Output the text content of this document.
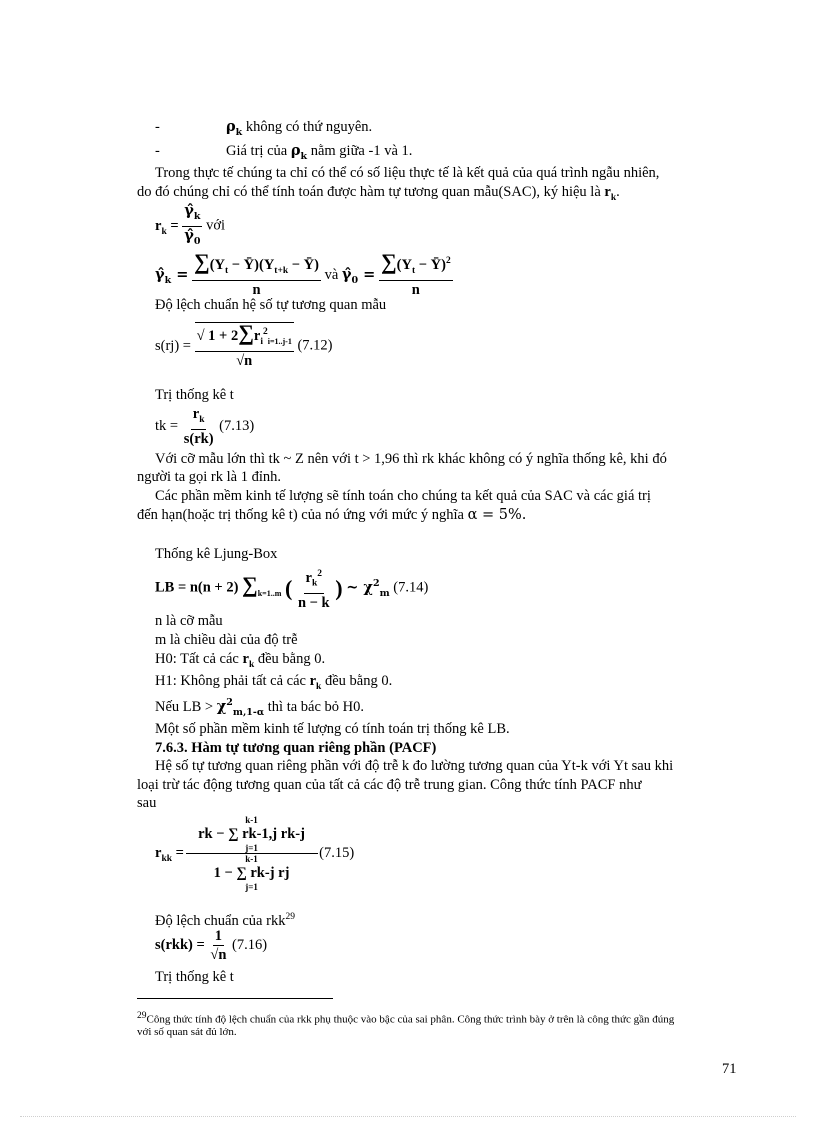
-	$\rho_k$ không có thứ nguyên.
-	Giá trị của $\rho_k$ nằm giữa -1 và 1.
Trong thực tế chúng ta chỉ có thể có số liệu thực tế là kết quả của quá trình ngẫu nhiên,
do đó chúng chỉ có thể tính toán được hàm tự tương quan mẫu(SAC), ký hiệu là $r_k$.
$r_k = \frac{\gammâ_k}{\gammâ_0}$ với
$\gammâ_k = \frac{\sum(Y_t - Ȳ)(Y_{t+k} - Ȳ)}{n}$ và $\gammâ_0 = \frac{\sum(Y_t - Ȳ)^2}{n}$
Độ lệch chuẩn hệ số tự tương quan mẫu
$s(rj) = \frac{√ 1 + 2\sum r_i^2_{i=1..j-1}}{√n} (7.12)$
Trị thống kê t
tk = $\frac{r_k}{s(rk)} (7.13)$
Với cỡ mẫu lớn thì tk ~ Z nên với t > 1,96 thì rk khác không có ý nghĩa thống kê, khi đó
người ta gọi rk là 1 đỉnh.
Các phần mềm kinh tế lượng sẽ tính toán cho chúng ta kết quả của SAC và các giá trị
đến hạn(hoặc trị thống kê t) của nó ứng với mức ý nghĩa α = 5%.
Thống kê Ljung-Box
LB = n(n + 2) $\sum_{k=1..m}$ ( $\frac{r_k^2}{n - k}$ ) ~ $\chi^2_m$ (7.14)
n là cỡ mẫu
m là chiều dài của độ trễ
H0: Tất cả các $r_k$ đều bằng 0.
H1: Không phải tất cả các $r_k$ đều bằng 0.
Nếu LB > $\chi^2_{m,1-\alpha}$ thì ta bác bỏ H0.
Một số phần mềm kinh tế lượng có tính toán trị thống kê LB.
7.6.3. Hàm tự tương quan riêng phần (PACF)
Hệ số tự tương quan riêng phần với độ trễ k đo lường tương quan của Yt-k với Yt sau khi
loại trừ tác động tương quan của tất cả các độ trễ trung gian. Công thức tính PACF như
sau
$r_{kk} = k-1$
rk − ∑ rk-1,j rk-j
j=1
k-1
1 − ∑ rk-j rj
j=1 (7.15)
Độ lệch chuẩn của rkk$^{29}$
$s(rkk) = \frac{1}{√n} (7.16)$
Trị thống kê t
$^{29}$Công thức tính độ lệch chuẩn của rkk phụ thuộc vào bậc của sai phân. Công thức trình bày ở trên là công thức gần đúng
với số quan sát đủ lớn.
71
